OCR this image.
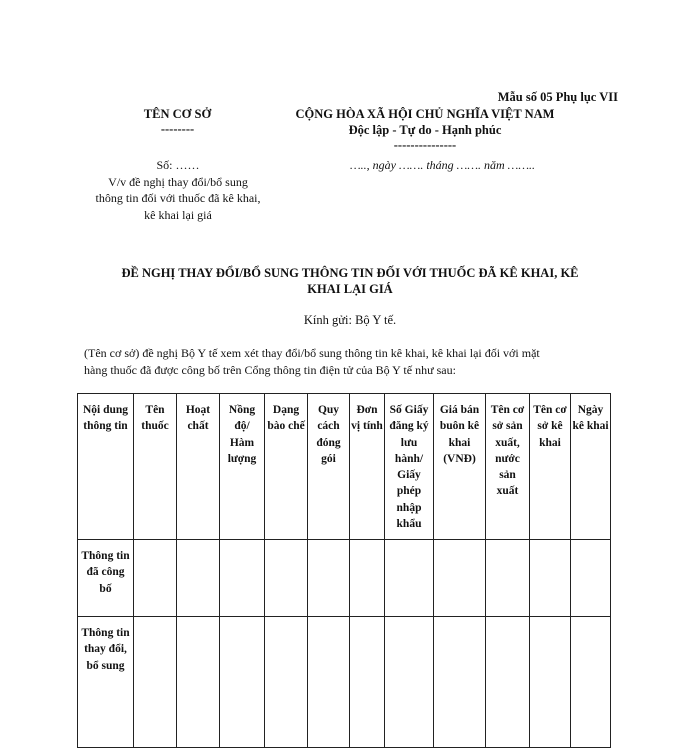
Mẫu số 05 Phụ lục VII
TÊN CƠ SỞ
--------
CỘNG HÒA XÃ HỘI CHỦ NGHĨA VIỆT NAM
Độc lập - Tự do - Hạnh phúc
---------------
Số: ……
V/v đề nghị thay đổi/bổ sung
thông tin đối với thuốc đã kê khai,
kê khai lại giá
….., ngày ……. tháng ……. năm ……..
ĐỀ NGHỊ THAY ĐỔI/BỔ SUNG THÔNG TIN ĐỐI VỚI THUỐC ĐÃ KÊ KHAI, KÊ
KHAI LẠI GIÁ
Kính gửi: Bộ Y tế.
(Tên cơ sở) đề nghị Bộ Y tế xem xét thay đổi/bổ sung thông tin kê khai, kê khai lại đối với mặt
hàng thuốc đã được công bố trên Cổng thông tin điện tử của Bộ Y tế như sau:
Nội dung thông tin	Tên thuốc	Hoạt chất	Nồng độ/ Hàm lượng	Dạng bào chế	Quy cách đóng gói	Đơn vị tính	Số Giấy đăng ký lưu hành/ Giấy phép nhập khẩu	Giá bán buôn kê khai (VNĐ)	Tên cơ sở sản xuất, nước sản xuất	Tên cơ sở kê khai	Ngày kê khai
Thông tin đã công bố											
Thông tin thay đổi, bổ sung											
